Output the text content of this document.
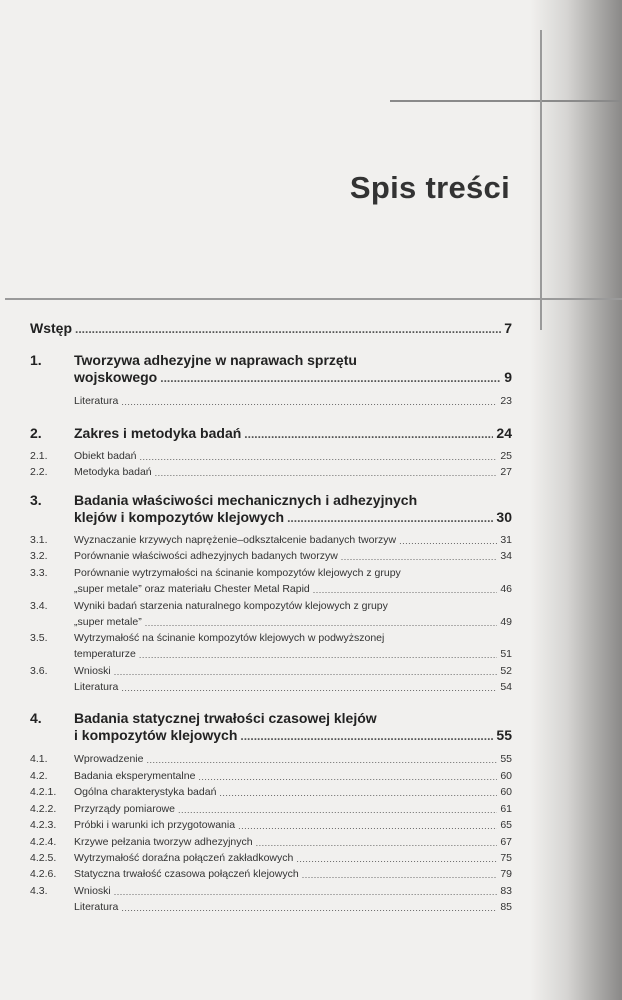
Spis treści
Wstęp .....	7
1. Tworzywa adhezyjne w naprawach sprzętu
wojskowego .....	9
Literatura .....	23
2. Zakres i metodyka badań .....	24
2.1.	Obiekt badań .....	25
2.2.	Metodyka badań .....	27
3. Badania właściwości mechanicznych i adhezyjnych
klejów i kompozytów klejowych .....	30
3.1.	Wyznaczanie krzywych naprężenie–odkształcenie badanych tworzyw .....	31
3.2.	Porównanie właściwości adhezyjnych badanych tworzyw .....	34
3.3.	Porównanie wytrzymałości na ścinanie kompozytów klejowych z grupy
„super metale” oraz materiału Chester Metal Rapid .....	46
3.4.	Wyniki badań starzenia naturalnego kompozytów klejowych z grupy
„super metale” .....	49
3.5.	Wytrzymałość na ścinanie kompozytów klejowych w podwyższonej
temperaturze .....	51
3.6.	Wnioski .....	52
Literatura .....	54
4. Badania statycznej trwałości czasowej klejów
i kompozytów klejowych .....	55
4.1.	Wprowadzenie .....	55
4.2.	Badania eksperymentalne .....	60
4.2.1. Ogólna charakterystyka badań .....	60
4.2.2. Przyrządy pomiarowe .....	61
4.2.3. Próbki i warunki ich przygotowania .....	65
4.2.4. Krzywe pełzania tworzyw adhezyjnych .....	67
4.2.5. Wytrzymałość doraźna połączeń zakładkowych .....	75
4.2.6. Statyczna trwałość czasowa połączeń klejowych .....	79
4.3.	Wnioski .....	83
Literatura .....	85
